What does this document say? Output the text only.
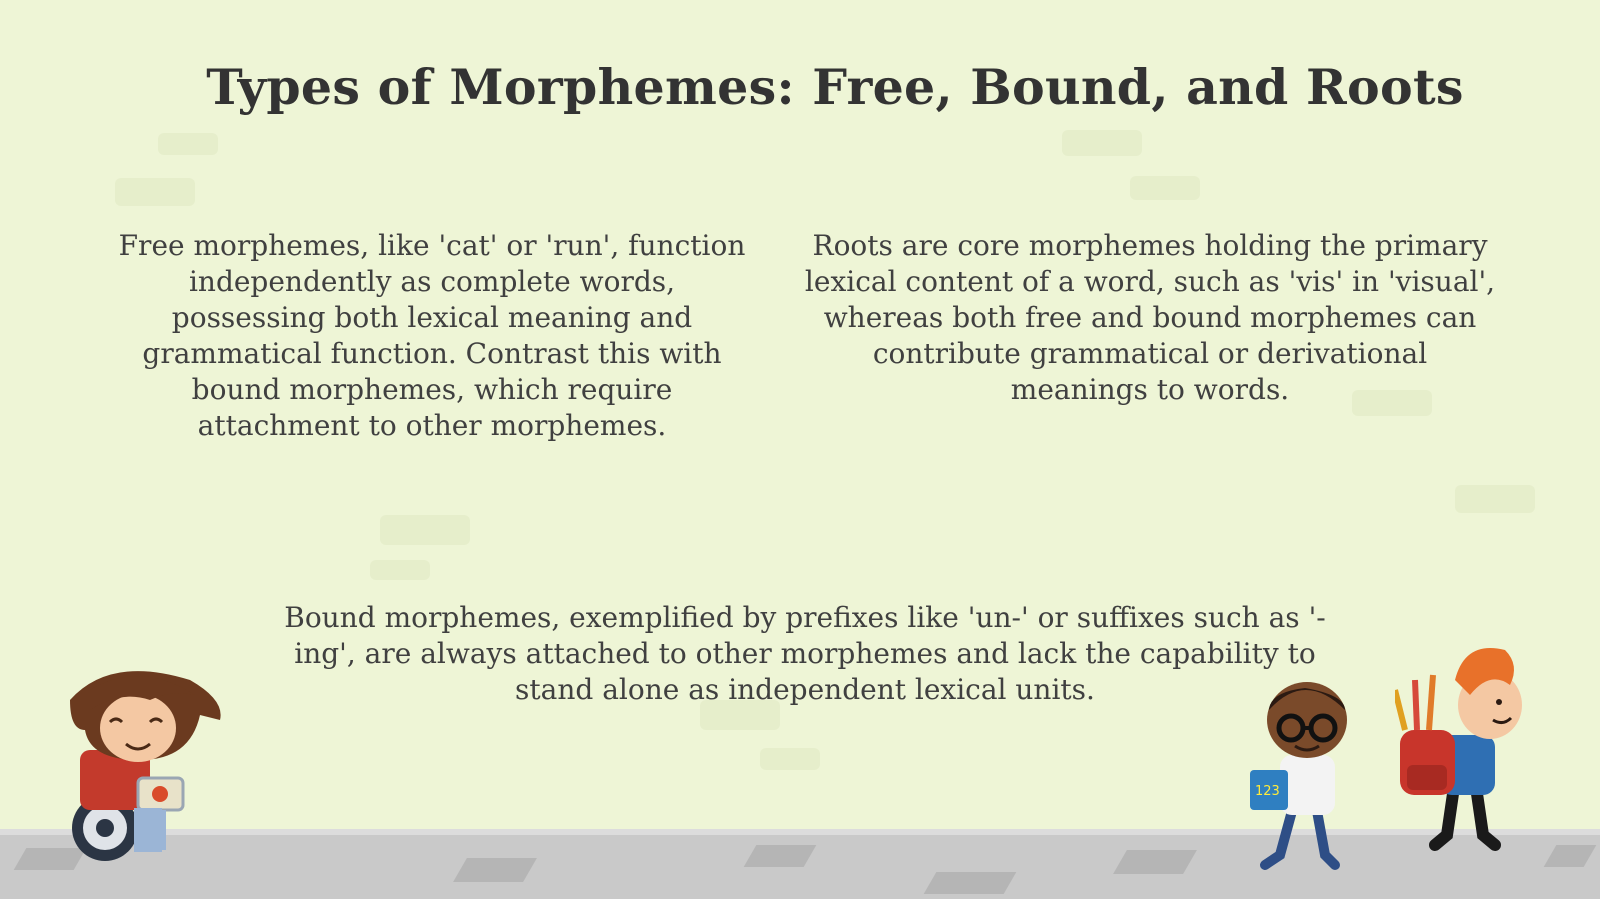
Types of Morphemes: Free, Bound, and Roots
Free morphemes, like 'cat' or 'run', function independently as complete words, possessing both lexical meaning and grammatical function. Contrast this with bound morphemes, which require attachment to other morphemes.
Roots are core morphemes holding the primary lexical content of a word, such as 'vis' in 'visual', whereas both free and bound morphemes can contribute grammatical or derivational meanings to words.
Bound morphemes, exemplified by prefixes like 'un-' or suffixes such as '-ing', are always attached to other morphemes and lack the capability to stand alone as independent lexical units.
123
